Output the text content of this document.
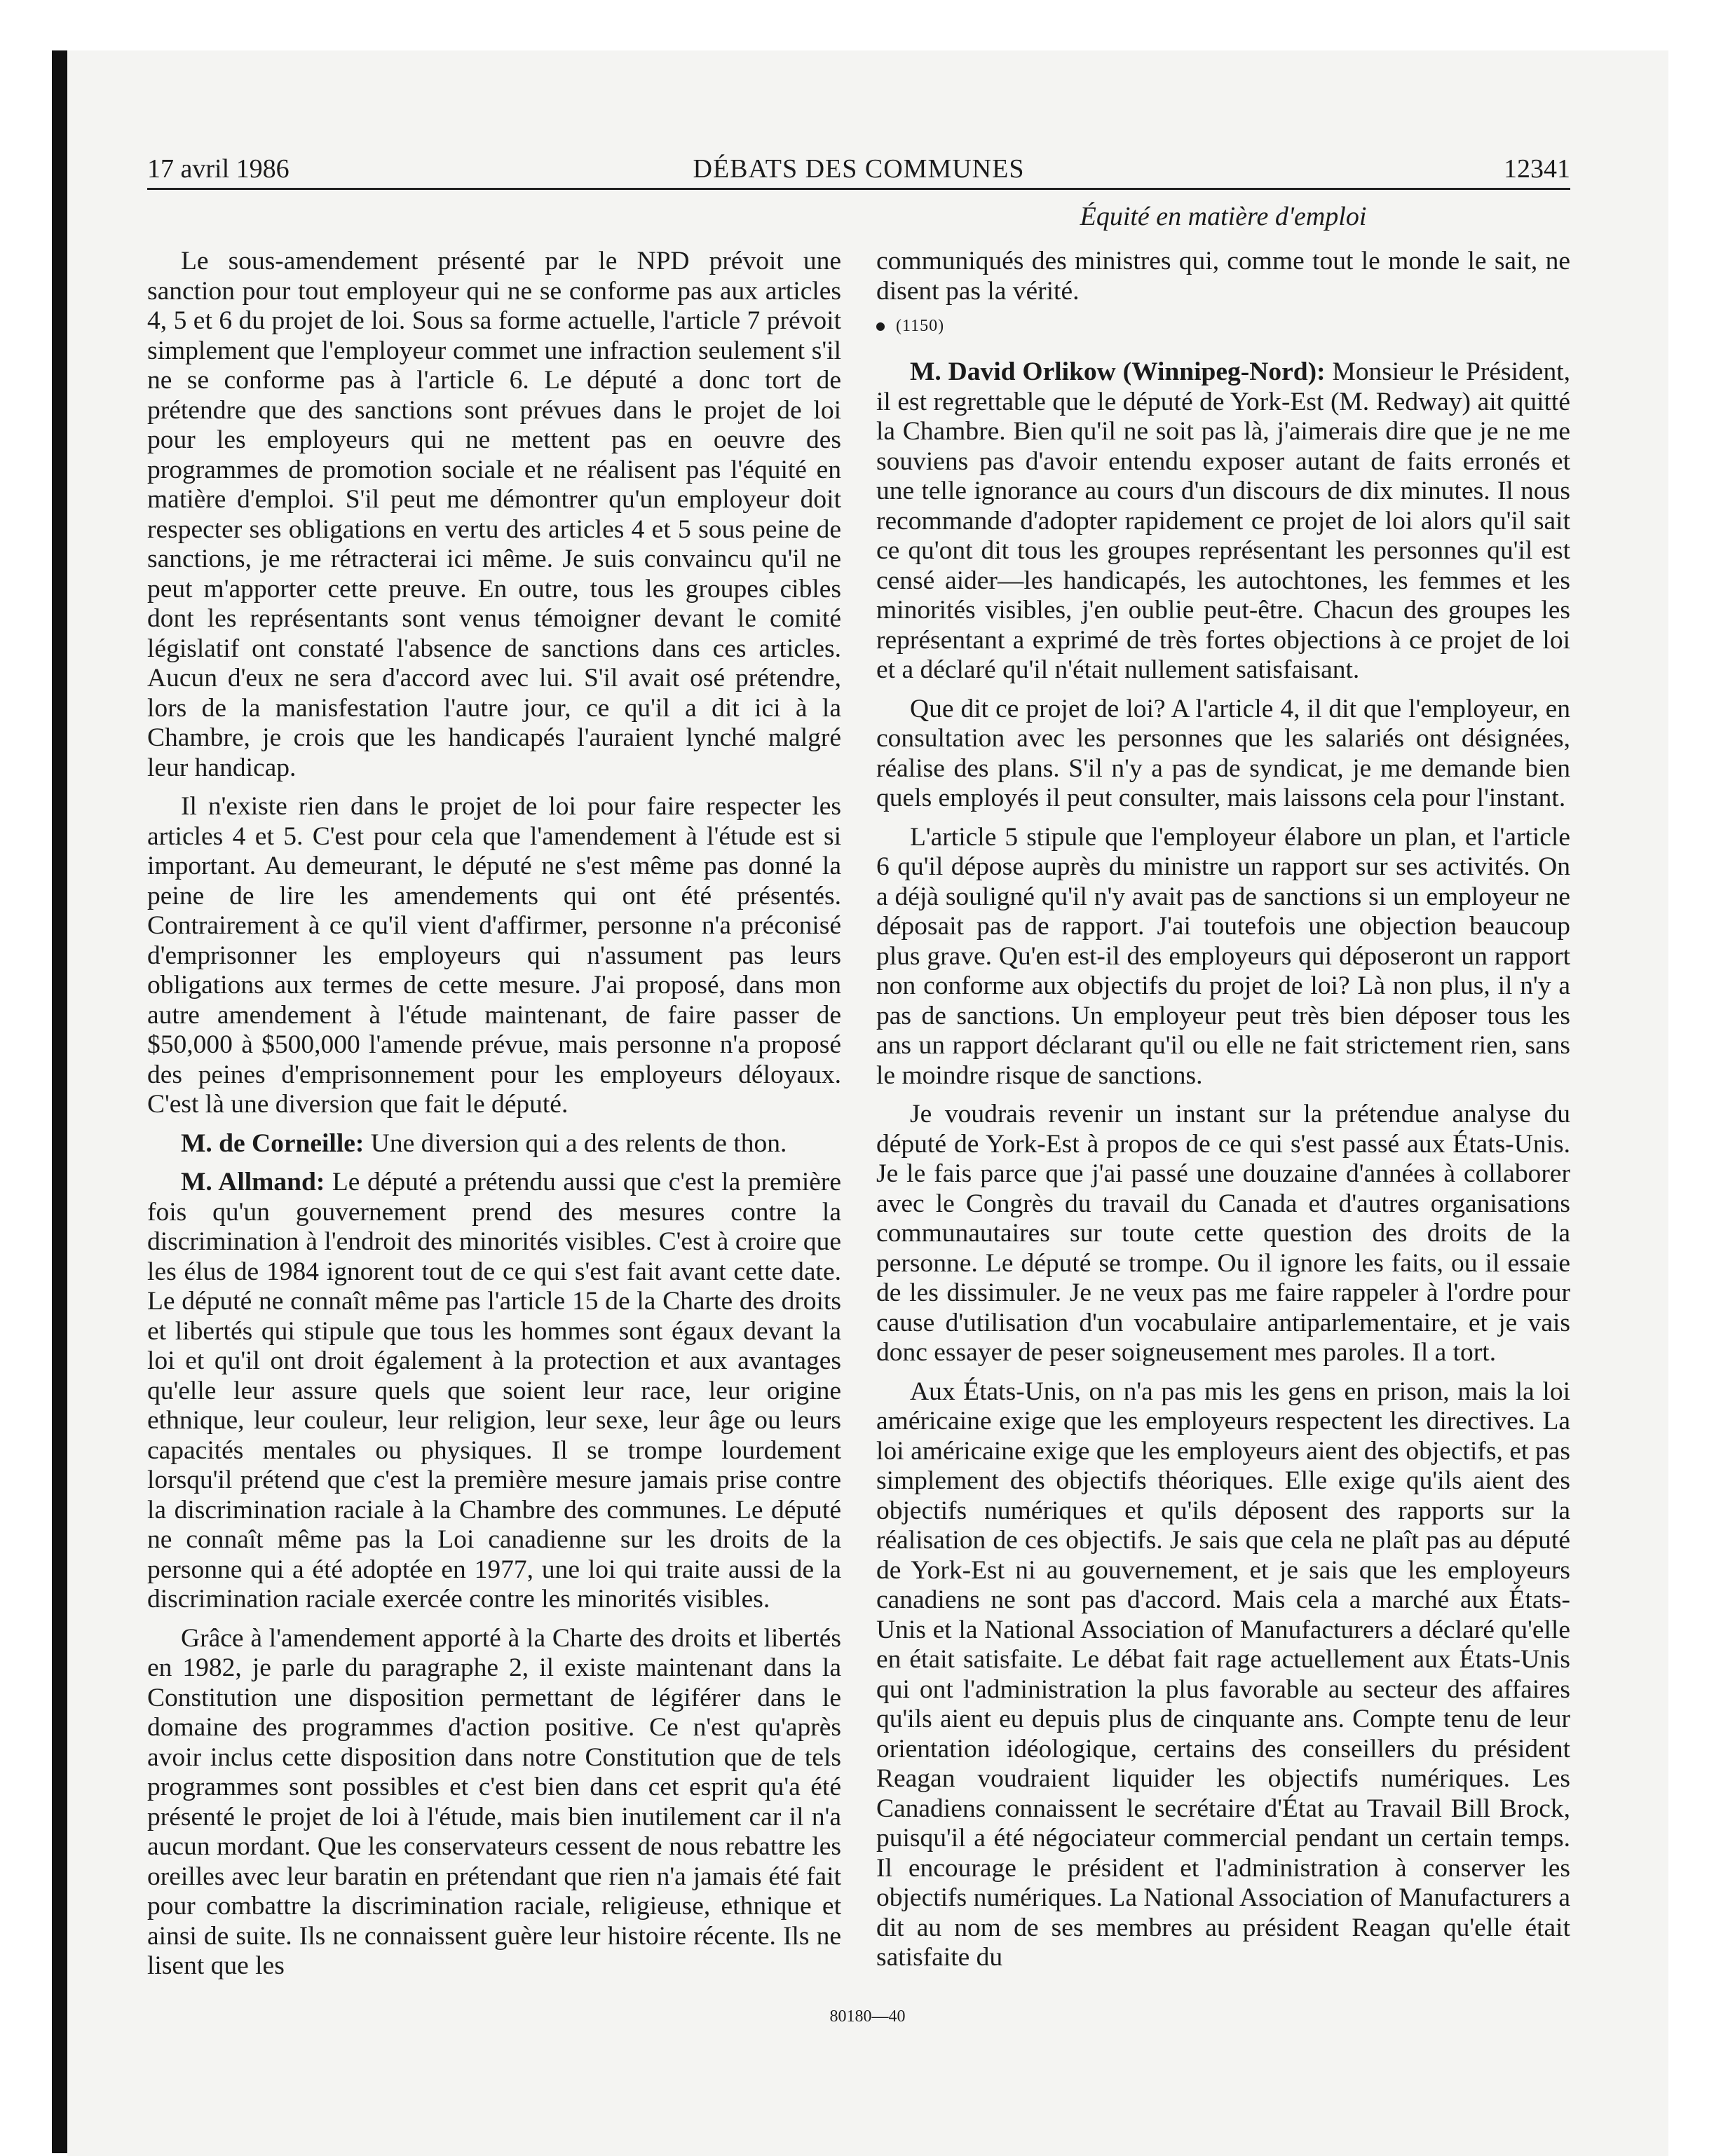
17 avril 1986	DÉBATS DES COMMUNES	12341
Équité en matière d'emploi

Le sous-amendement présenté par le NPD prévoit une sanction pour tout employeur qui ne se conforme pas aux articles 4, 5 et 6 du projet de loi. Sous sa forme actuelle, l'article 7 prévoit simplement que l'employeur commet une infraction seulement s'il ne se conforme pas à l'article 6. Le député a donc tort de prétendre que des sanctions sont prévues dans le projet de loi pour les employeurs qui ne mettent pas en oeuvre des programmes de promotion sociale et ne réalisent pas l'équité en matière d'emploi. S'il peut me démontrer qu'un employeur doit respecter ses obligations en vertu des articles 4 et 5 sous peine de sanctions, je me rétracterai ici même. Je suis convaincu qu'il ne peut m'apporter cette preuve. En outre, tous les groupes cibles dont les représentants sont venus témoigner devant le comité législatif ont constaté l'absence de sanctions dans ces articles. Aucun d'eux ne sera d'accord avec lui. S'il avait osé prétendre, lors de la manisfestation l'autre jour, ce qu'il a dit ici à la Chambre, je crois que les handicapés l'auraient lynché malgré leur handicap.

Il n'existe rien dans le projet de loi pour faire respecter les articles 4 et 5. C'est pour cela que l'amendement à l'étude est si important. Au demeurant, le député ne s'est même pas donné la peine de lire les amendements qui ont été présentés. Contrairement à ce qu'il vient d'affirmer, personne n'a préconisé d'emprisonner les employeurs qui n'assument pas leurs obligations aux termes de cette mesure. J'ai proposé, dans mon autre amendement à l'étude maintenant, de faire passer de $50,000 à $500,000 l'amende prévue, mais personne n'a proposé des peines d'emprisonnement pour les employeurs déloyaux. C'est là une diversion que fait le député.

M. de Corneille: Une diversion qui a des relents de thon.

M. Allmand: Le député a prétendu aussi que c'est la première fois qu'un gouvernement prend des mesures contre la discrimination à l'endroit des minorités visibles. C'est à croire que les élus de 1984 ignorent tout de ce qui s'est fait avant cette date. Le député ne connaît même pas l'article 15 de la Charte des droits et libertés qui stipule que tous les hommes sont égaux devant la loi et qu'il ont droit également à la protection et aux avantages qu'elle leur assure quels que soient leur race, leur origine ethnique, leur couleur, leur religion, leur sexe, leur âge ou leurs capacités mentales ou physiques. Il se trompe lourdement lorsqu'il prétend que c'est la première mesure jamais prise contre la discrimination raciale à la Chambre des communes. Le député ne connaît même pas la Loi canadienne sur les droits de la personne qui a été adoptée en 1977, une loi qui traite aussi de la discrimination raciale exercée contre les minorités visibles.

Grâce à l'amendement apporté à la Charte des droits et libertés en 1982, je parle du paragraphe 2, il existe maintenant dans la Constitution une disposition permettant de légiférer dans le domaine des programmes d'action positive. Ce n'est qu'après avoir inclus cette disposition dans notre Constitution que de tels programmes sont possibles et c'est bien dans cet esprit qu'a été présenté le projet de loi à l'étude, mais bien inutilement car il n'a aucun mordant. Que les conservateurs cessent de nous rebattre les oreilles avec leur baratin en prétendant que rien n'a jamais été fait pour combattre la discrimination raciale, religieuse, ethnique et ainsi de suite. Ils ne connaissent guère leur histoire récente. Ils ne lisent que les

communiqués des ministres qui, comme tout le monde le sait, ne disent pas la vérité.

(1150)

M. David Orlikow (Winnipeg-Nord): Monsieur le Président, il est regrettable que le député de York-Est (M. Redway) ait quitté la Chambre. Bien qu'il ne soit pas là, j'aimerais dire que je ne me souviens pas d'avoir entendu exposer autant de faits erronés et une telle ignorance au cours d'un discours de dix minutes. Il nous recommande d'adopter rapidement ce projet de loi alors qu'il sait ce qu'ont dit tous les groupes représentant les personnes qu'il est censé aider—les handicapés, les autochtones, les femmes et les minorités visibles, j'en oublie peut-être. Chacun des groupes les représentant a exprimé de très fortes objections à ce projet de loi et a déclaré qu'il n'était nullement satisfaisant.

Que dit ce projet de loi? A l'article 4, il dit que l'employeur, en consultation avec les personnes que les salariés ont désignées, réalise des plans. S'il n'y a pas de syndicat, je me demande bien quels employés il peut consulter, mais laissons cela pour l'instant.

L'article 5 stipule que l'employeur élabore un plan, et l'article 6 qu'il dépose auprès du ministre un rapport sur ses activités. On a déjà souligné qu'il n'y avait pas de sanctions si un employeur ne déposait pas de rapport. J'ai toutefois une objection beaucoup plus grave. Qu'en est-il des employeurs qui déposeront un rapport non conforme aux objectifs du projet de loi? Là non plus, il n'y a pas de sanctions. Un employeur peut très bien déposer tous les ans un rapport déclarant qu'il ou elle ne fait strictement rien, sans le moindre risque de sanctions.

Je voudrais revenir un instant sur la prétendue analyse du député de York-Est à propos de ce qui s'est passé aux États-Unis. Je le fais parce que j'ai passé une douzaine d'années à collaborer avec le Congrès du travail du Canada et d'autres organisations communautaires sur toute cette question des droits de la personne. Le député se trompe. Ou il ignore les faits, ou il essaie de les dissimuler. Je ne veux pas me faire rappeler à l'ordre pour cause d'utilisation d'un vocabulaire antiparlementaire, et je vais donc essayer de peser soigneusement mes paroles. Il a tort.

Aux États-Unis, on n'a pas mis les gens en prison, mais la loi américaine exige que les employeurs respectent les directives. La loi américaine exige que les employeurs aient des objectifs, et pas simplement des objectifs théoriques. Elle exige qu'ils aient des objectifs numériques et qu'ils déposent des rapports sur la réalisation de ces objectifs. Je sais que cela ne plaît pas au député de York-Est ni au gouvernement, et je sais que les employeurs canadiens ne sont pas d'accord. Mais cela a marché aux États-Unis et la National Association of Manufacturers a déclaré qu'elle en était satisfaite. Le débat fait rage actuellement aux États-Unis qui ont l'administration la plus favorable au secteur des affaires qu'ils aient eu depuis plus de cinquante ans. Compte tenu de leur orientation idéologique, certains des conseillers du président Reagan voudraient liquider les objectifs numériques. Les Canadiens connaissent le secrétaire d'État au Travail Bill Brock, puisqu'il a été négociateur commercial pendant un certain temps. Il encourage le président et l'administration à conserver les objectifs numériques. La National Association of Manufacturers a dit au nom de ses membres au président Reagan qu'elle était satisfaite du

80180—40
